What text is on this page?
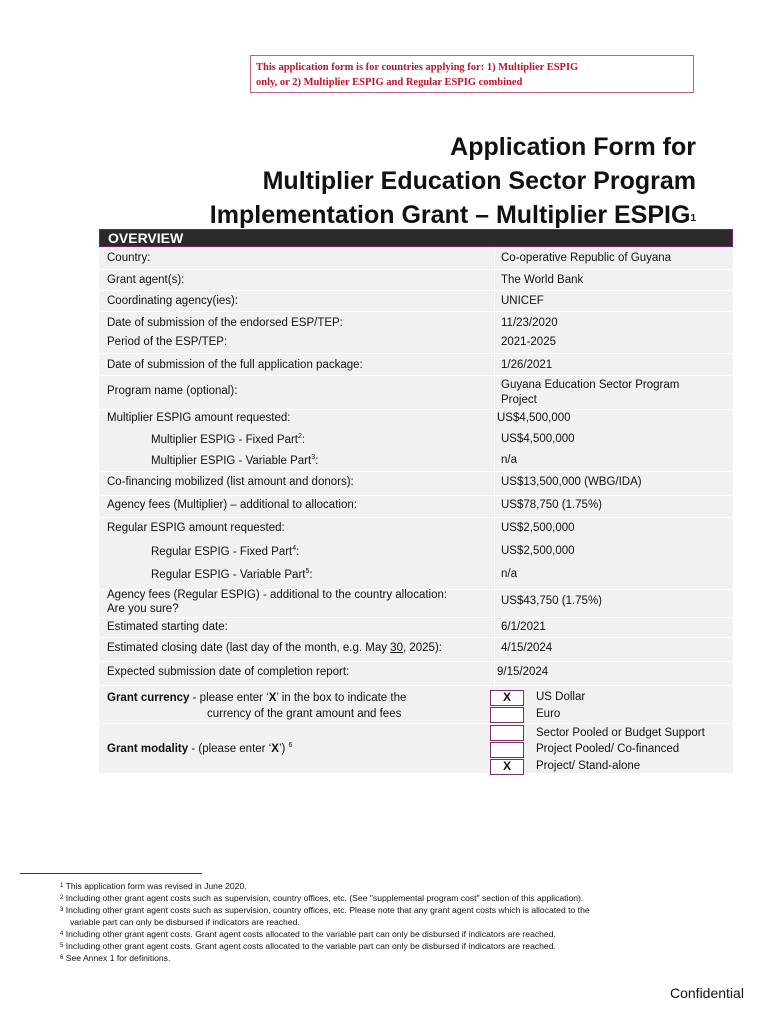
This application form is for countries applying for: 1) Multiplier ESPIG
only, or 2) Multiplier ESPIG and Regular ESPIG combined
Application Form for
Multiplier Education Sector Program
Implementation Grant – Multiplier ESPIG$^1$
OVERVIEW
Country:	Co-operative Republic of Guyana
Grant agent(s):	The World Bank
Coordinating agency(ies):	UNICEF
Date of submission of the endorsed ESP/TEP:	11/23/2020
Period of the ESP/TEP:	2021-2025
Date of submission of the full application package:	1/26/2021
Program name (optional):	Guyana Education Sector Program
Project
Multiplier ESPIG amount requested:	US$4,500,000
Multiplier ESPIG - Fixed Part$^2$:	US$4,500,000
Multiplier ESPIG - Variable Part$^3$:	n/a
Co-financing mobilized (list amount and donors):	US$13,500,000 (WBG/IDA)
Agency fees (Multiplier) – additional to allocation:	US$78,750 (1.75%)
Regular ESPIG amount requested:	US$2,500,000
Regular ESPIG - Fixed Part$^4$:	US$2,500,000
Regular ESPIG - Variable Part$^5$:	n/a
Agency fees (Regular ESPIG) - additional to the country allocation:
Are you sure?
US$43,750 (1.75%)
Estimated starting date:	6/1/2021
Estimated closing date (last day of the month, e.g. May 30, 2025):	4/15/2024
Expected submission date of completion report:	9/15/2024
Grant currency - please enter ‘X’ in the box to indicate the
currency of the grant amount and fees
X	US Dollar
Euro
Grant modality - (please enter ‘X’) $^6$
Sector Pooled or Budget Support
Project Pooled/ Co-financed
X	Project/ Stand-alone
$^1$ This application form was revised in June 2020.
$^2$ Including other grant agent costs such as supervision, country offices, etc. (See "supplemental program cost" section of this application).
$^3$ Including other grant agent costs such as supervision, country offices, etc. Please note that any grant agent costs which is allocated to the
variable part can only be disbursed if indicators are reached.
$^4$ Including other grant agent costs. Grant agent costs allocated to the variable part can only be disbursed if indicators are reached.
$^5$ Including other grant agent costs. Grant agent costs allocated to the variable part can only be disbursed if indicators are reached.
$^6$ See Annex 1 for definitions.
Confidential
